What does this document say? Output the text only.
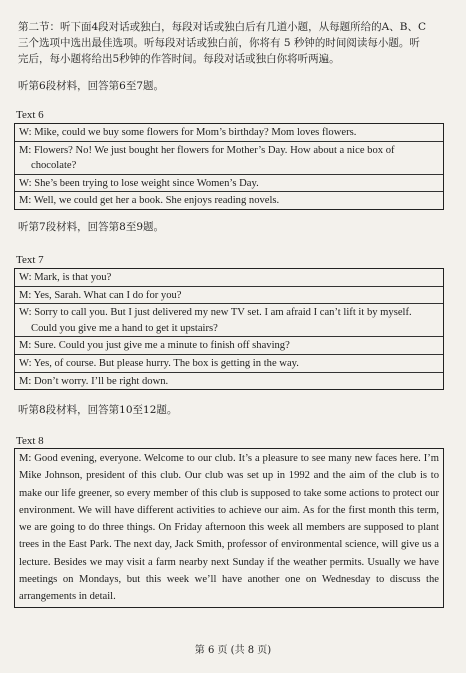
第二节：听下面4段对话或独白，每段对话或独白后有几道小题，从每题所给的A、B、C

三个选项中选出最佳选项。听每段对话或独白前，你将有 5 秒钟的时间阅读每小题。听

完后，每小题将给出5秒钟的作答时间。每段对话或独白你将听两遍。

听第6段材料，回答第6至7题。
Text 6
W: Mike, could we buy some flowers for Mom’s birthday? Mom loves flowers.
M: Flowers? No! We just bought her flowers for Mother’s Day. How about a nice box of
chocolate?
W: She’s been trying to lose weight since Women’s Day.
M: Well, we could get her a book. She enjoys reading novels.
听第7段材料，回答第8至9题。
Text 7
W: Mark, is that you?
M: Yes, Sarah. What can I do for you?
W: Sorry to call you. But I just delivered my new TV set. I am afraid I can’t lift it by myself.
Could you give me a hand to get it upstairs?
M: Sure. Could you just give me a minute to finish off shaving?
W: Yes, of course. But please hurry. The box is getting in the way.
M: Don’t worry. I’ll be right down.
听第8段材料，回答第10至12题。
Text 8
M: Good evening, everyone. Welcome to our club. It’s a pleasure to see many new faces here. I’m Mike Johnson, president of this club. Our club was set up in 1992 and the aim of the club is to make our life greener, so every member of this club is supposed to take some actions to protect our environment. We will have different activities to achieve our aim. As for the first month this term, we are going to do three things. On Friday afternoon this week all members are supposed to plant trees in the East Park. The next day, Jack Smith, professor of environmental science, will give us a lecture. Besides we may visit a farm nearby next Sunday if the weather permits. Usually we have meetings on Mondays, but this week we’ll have another one on Wednesday to discuss the arrangements in detail.
第 6 页 (共 8 页)
